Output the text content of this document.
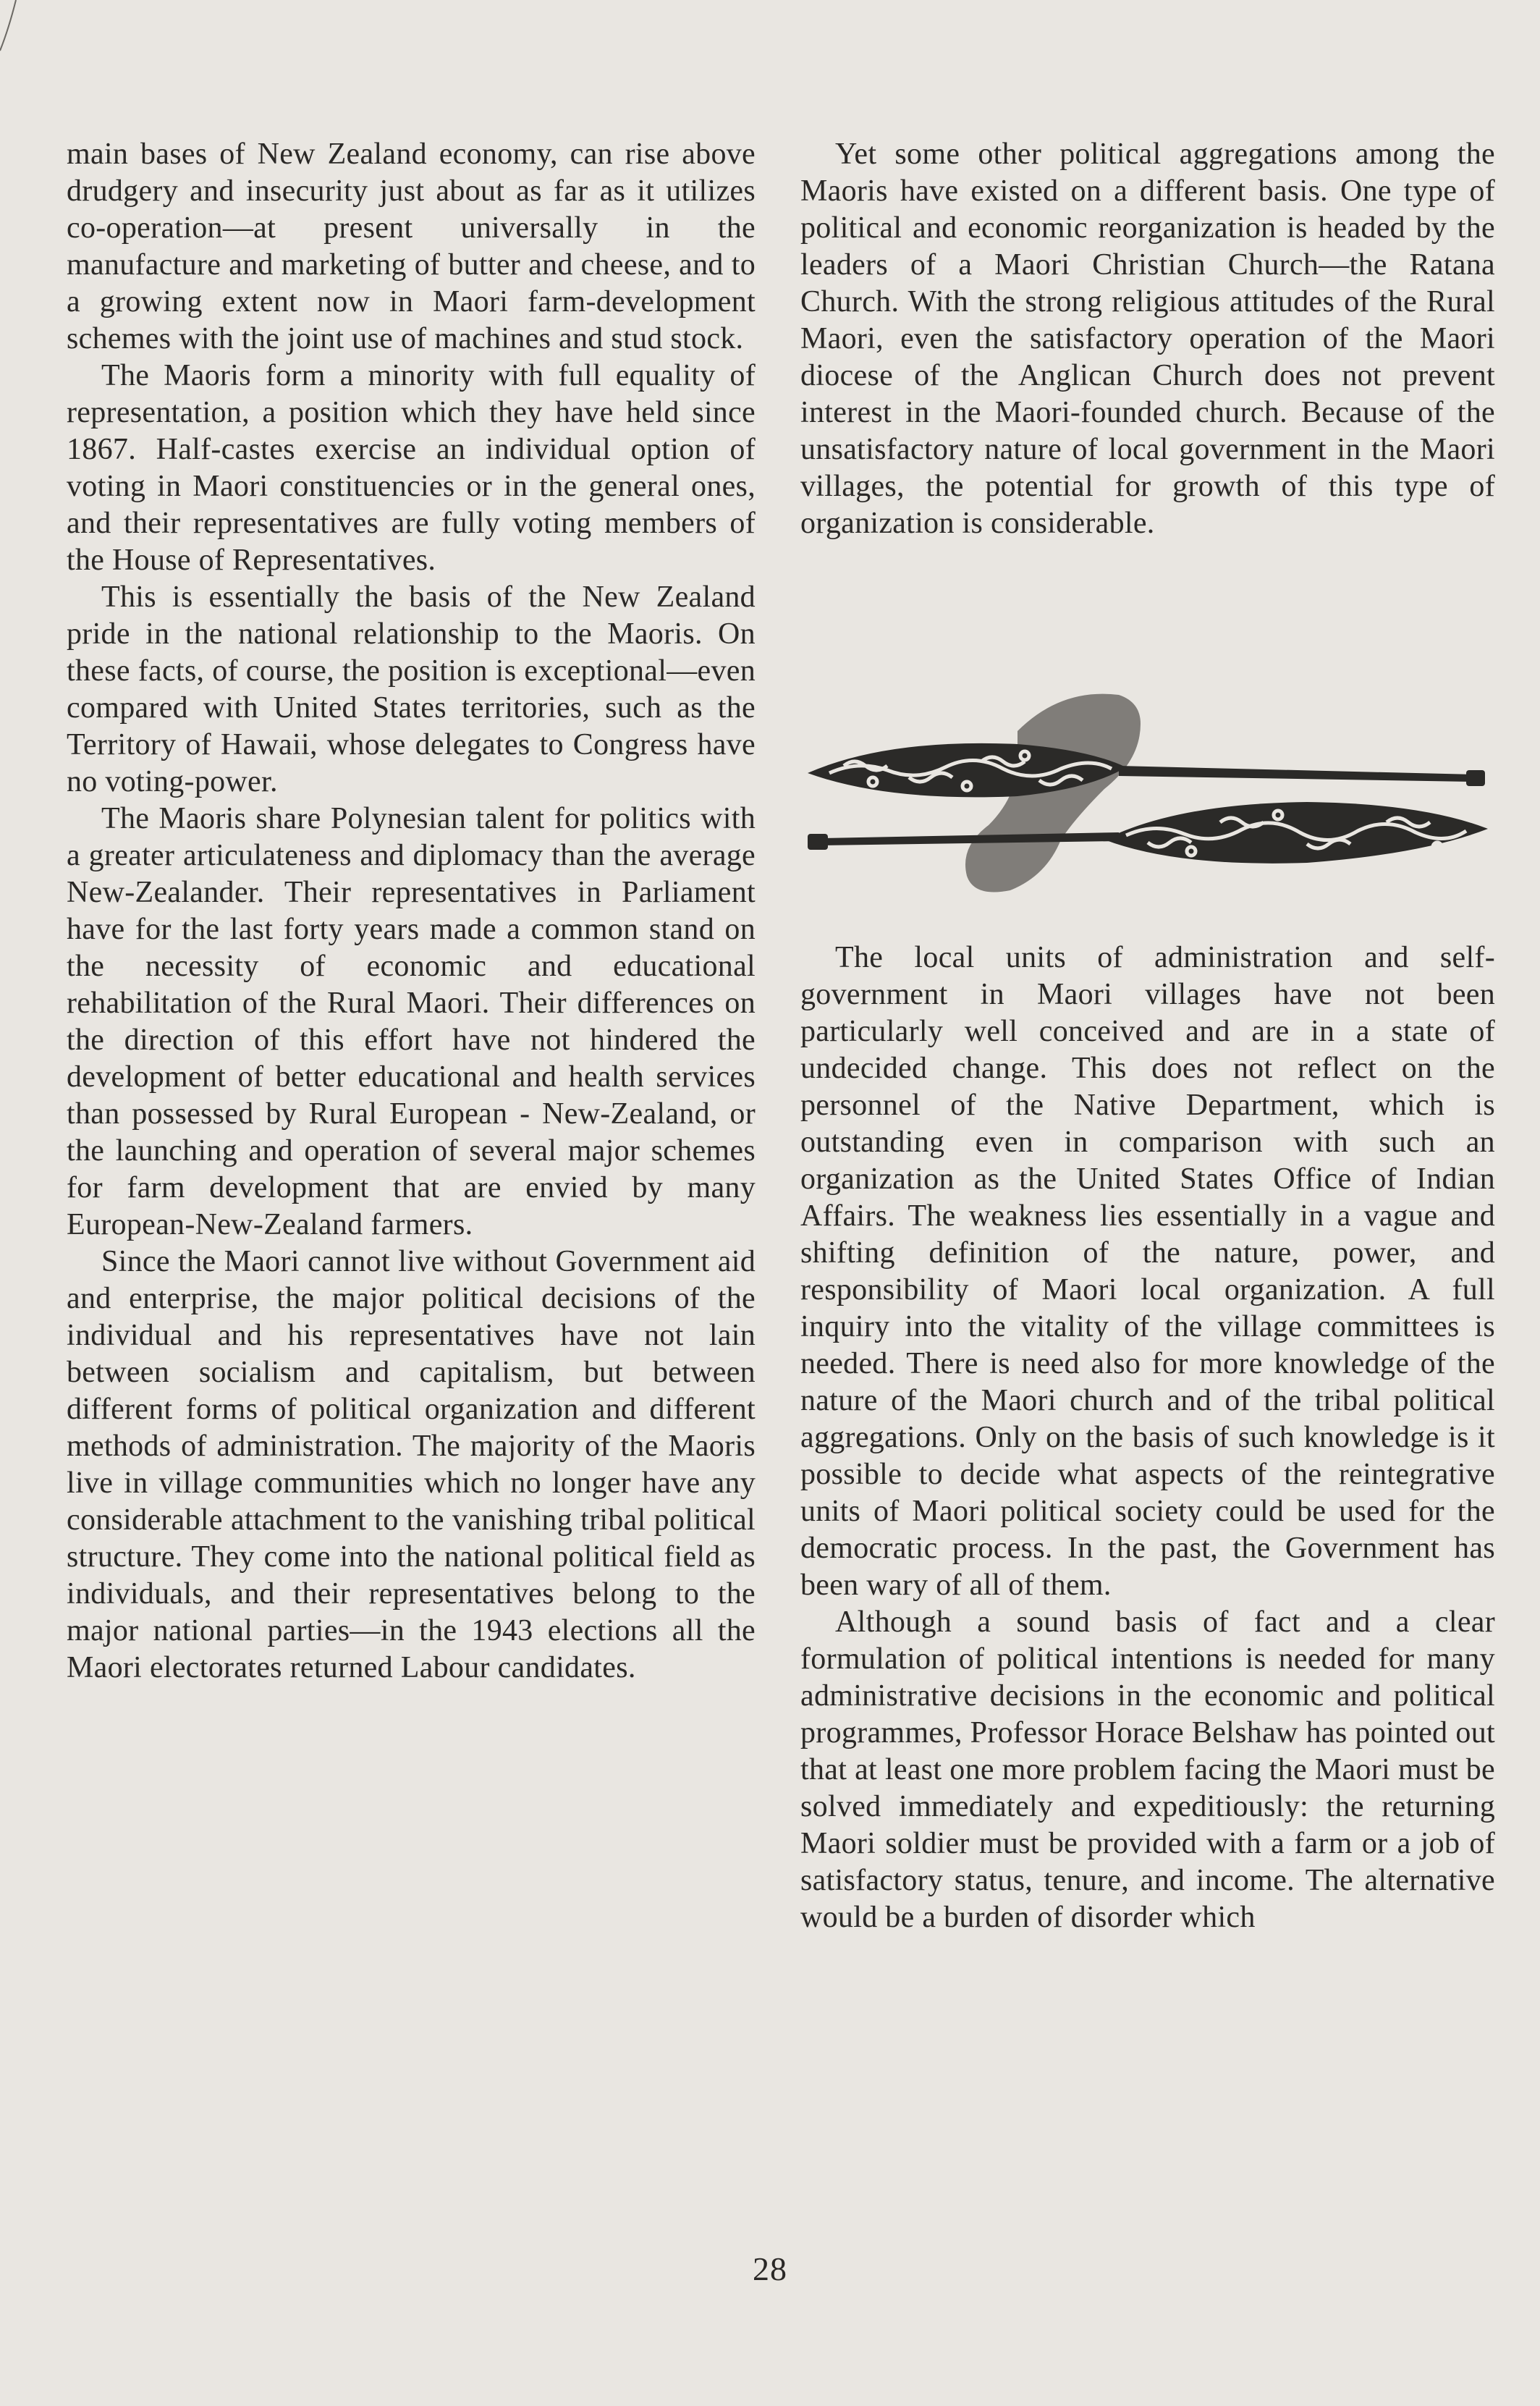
main bases of New Zealand economy, can rise above drudgery and insecurity just about as far as it utilizes co-operation—at present universally in the manufacture and marketing of butter and cheese, and to a growing extent now in Maori farm-development schemes with the joint use of machines and stud stock.

The Maoris form a minority with full equality of representation, a position which they have held since 1867. Half-castes exercise an individual option of voting in Maori constituencies or in the general ones, and their representatives are fully voting members of the House of Representatives.

This is essentially the basis of the New Zealand pride in the national relationship to the Maoris. On these facts, of course, the position is exceptional—even compared with United States territories, such as the Territory of Hawaii, whose delegates to Congress have no voting-power.

The Maoris share Polynesian talent for politics with a greater articulateness and diplomacy than the average New-Zealander. Their representatives in Parliament have for the last forty years made a common stand on the necessity of economic and educational rehabilitation of the Rural Maori. Their differences on the direction of this effort have not hindered the development of better educational and health services than possessed by Rural European - New-Zealand, or the launching and operation of several major schemes for farm development that are envied by many European-New-Zealand farmers.

Since the Maori cannot live without Government aid and enterprise, the major political decisions of the individual and his representatives have not lain between socialism and capitalism, but between different forms of political organization and different methods of administration. The majority of the Maoris live in village communities which no longer have any considerable attachment to the vanishing tribal political structure. They come into the national political field as individuals, and their representatives belong to the major national parties—in the 1943 elections all the Maori electorates returned Labour candidates.

Yet some other political aggregations among the Maoris have existed on a different basis. One type of political and economic reorganization is headed by the leaders of a Maori Christian Church—the Ratana Church. With the strong religious attitudes of the Rural Maori, even the satisfactory operation of the Maori diocese of the Anglican Church does not prevent interest in the Maori-founded church. Because of the unsatisfactory nature of local government in the Maori villages, the potential for growth of this type of organization is considerable.

The local units of administration and self-government in Maori villages have not been particularly well conceived and are in a state of undecided change. This does not reflect on the personnel of the Native Department, which is outstanding even in comparison with such an organization as the United States Office of Indian Affairs. The weakness lies essentially in a vague and shifting definition of the nature, power, and responsibility of Maori local organization. A full inquiry into the vitality of the village committees is needed. There is need also for more knowledge of the nature of the Maori church and of the tribal political aggregations. Only on the basis of such knowledge is it possible to decide what aspects of the reintegrative units of Maori political society could be used for the democratic process. In the past, the Government has been wary of all of them.

Although a sound basis of fact and a clear formulation of political intentions is needed for many administrative decisions in the economic and political programmes, Professor Horace Belshaw has pointed out that at least one more problem facing the Maori must be solved immediately and expeditiously: the returning Maori soldier must be provided with a farm or a job of satisfactory status, tenure, and income. The alternative would be a burden of disorder which

28
